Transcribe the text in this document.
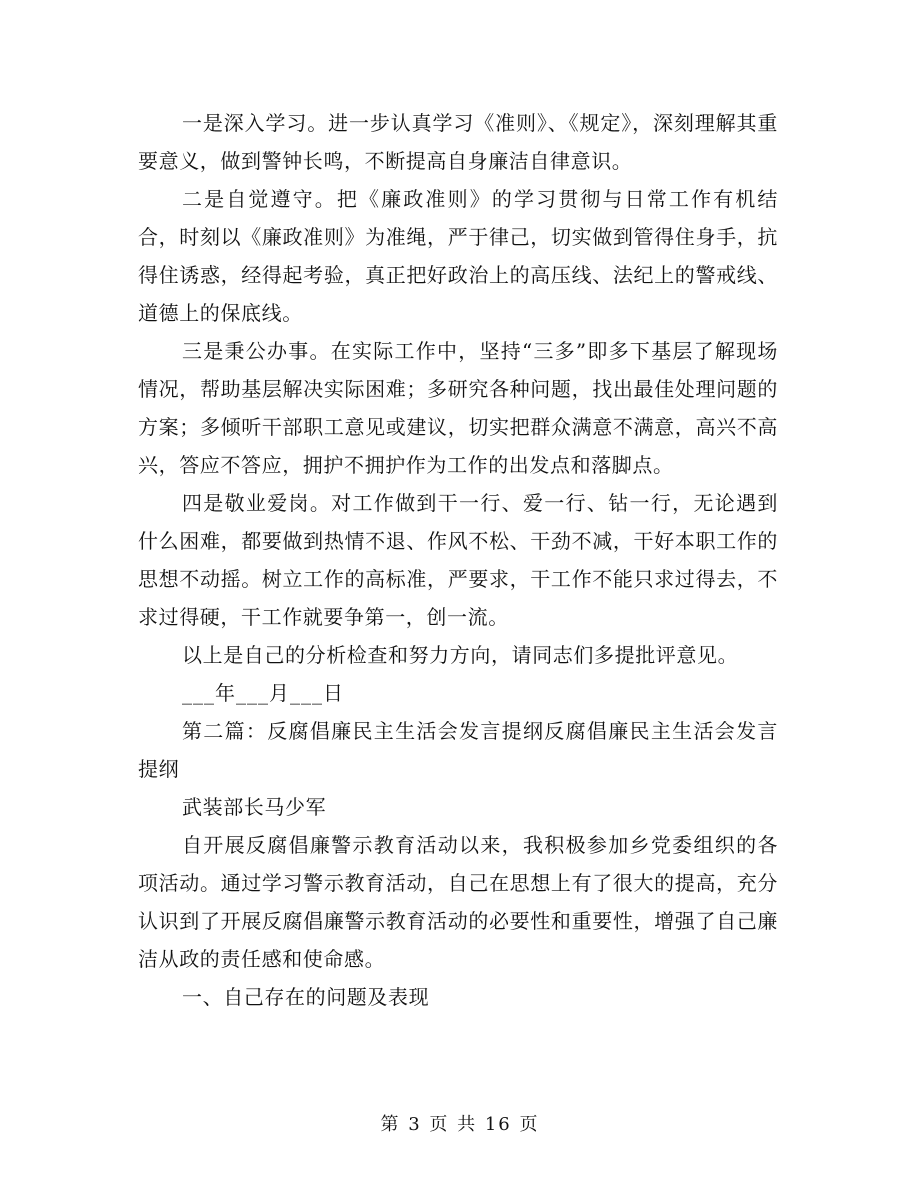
一是深入学习。进一步认真学习《准则》、《规定》，深刻理解其重要意义，做到警钟长鸣，不断提高自身廉洁自律意识。

二是自觉遵守。把《廉政准则》的学习贯彻与日常工作有机结合，时刻以《廉政准则》为准绳，严于律己，切实做到管得住身手，抗得住诱惑，经得起考验，真正把好政治上的高压线、法纪上的警戒线、道德上的保底线。

三是秉公办事。在实际工作中，坚持“三多”即多下基层了解现场情况，帮助基层解决实际困难；多研究各种问题，找出最佳处理问题的方案；多倾听干部职工意见或建议，切实把群众满意不满意，高兴不高兴，答应不答应，拥护不拥护作为工作的出发点和落脚点。

四是敬业爱岗。对工作做到干一行、爱一行、钻一行，无论遇到什么困难，都要做到热情不退、作风不松、干劲不减，干好本职工作的思想不动摇。树立工作的高标准，严要求，干工作不能只求过得去，不求过得硬，干工作就要争第一，创一流。

以上是自己的分析检查和努力方向，请同志们多提批评意见。

___年___月___日

第二篇：反腐倡廉民主生活会发言提纲反腐倡廉民主生活会发言提纲

武装部长马少军

自开展反腐倡廉警示教育活动以来，我积极参加乡党委组织的各项活动。通过学习警示教育活动，自己在思想上有了很大的提高，充分认识到了开展反腐倡廉警示教育活动的必要性和重要性，增强了自己廉洁从政的责任感和使命感。

一、自己存在的问题及表现

第 3 页 共 16 页
